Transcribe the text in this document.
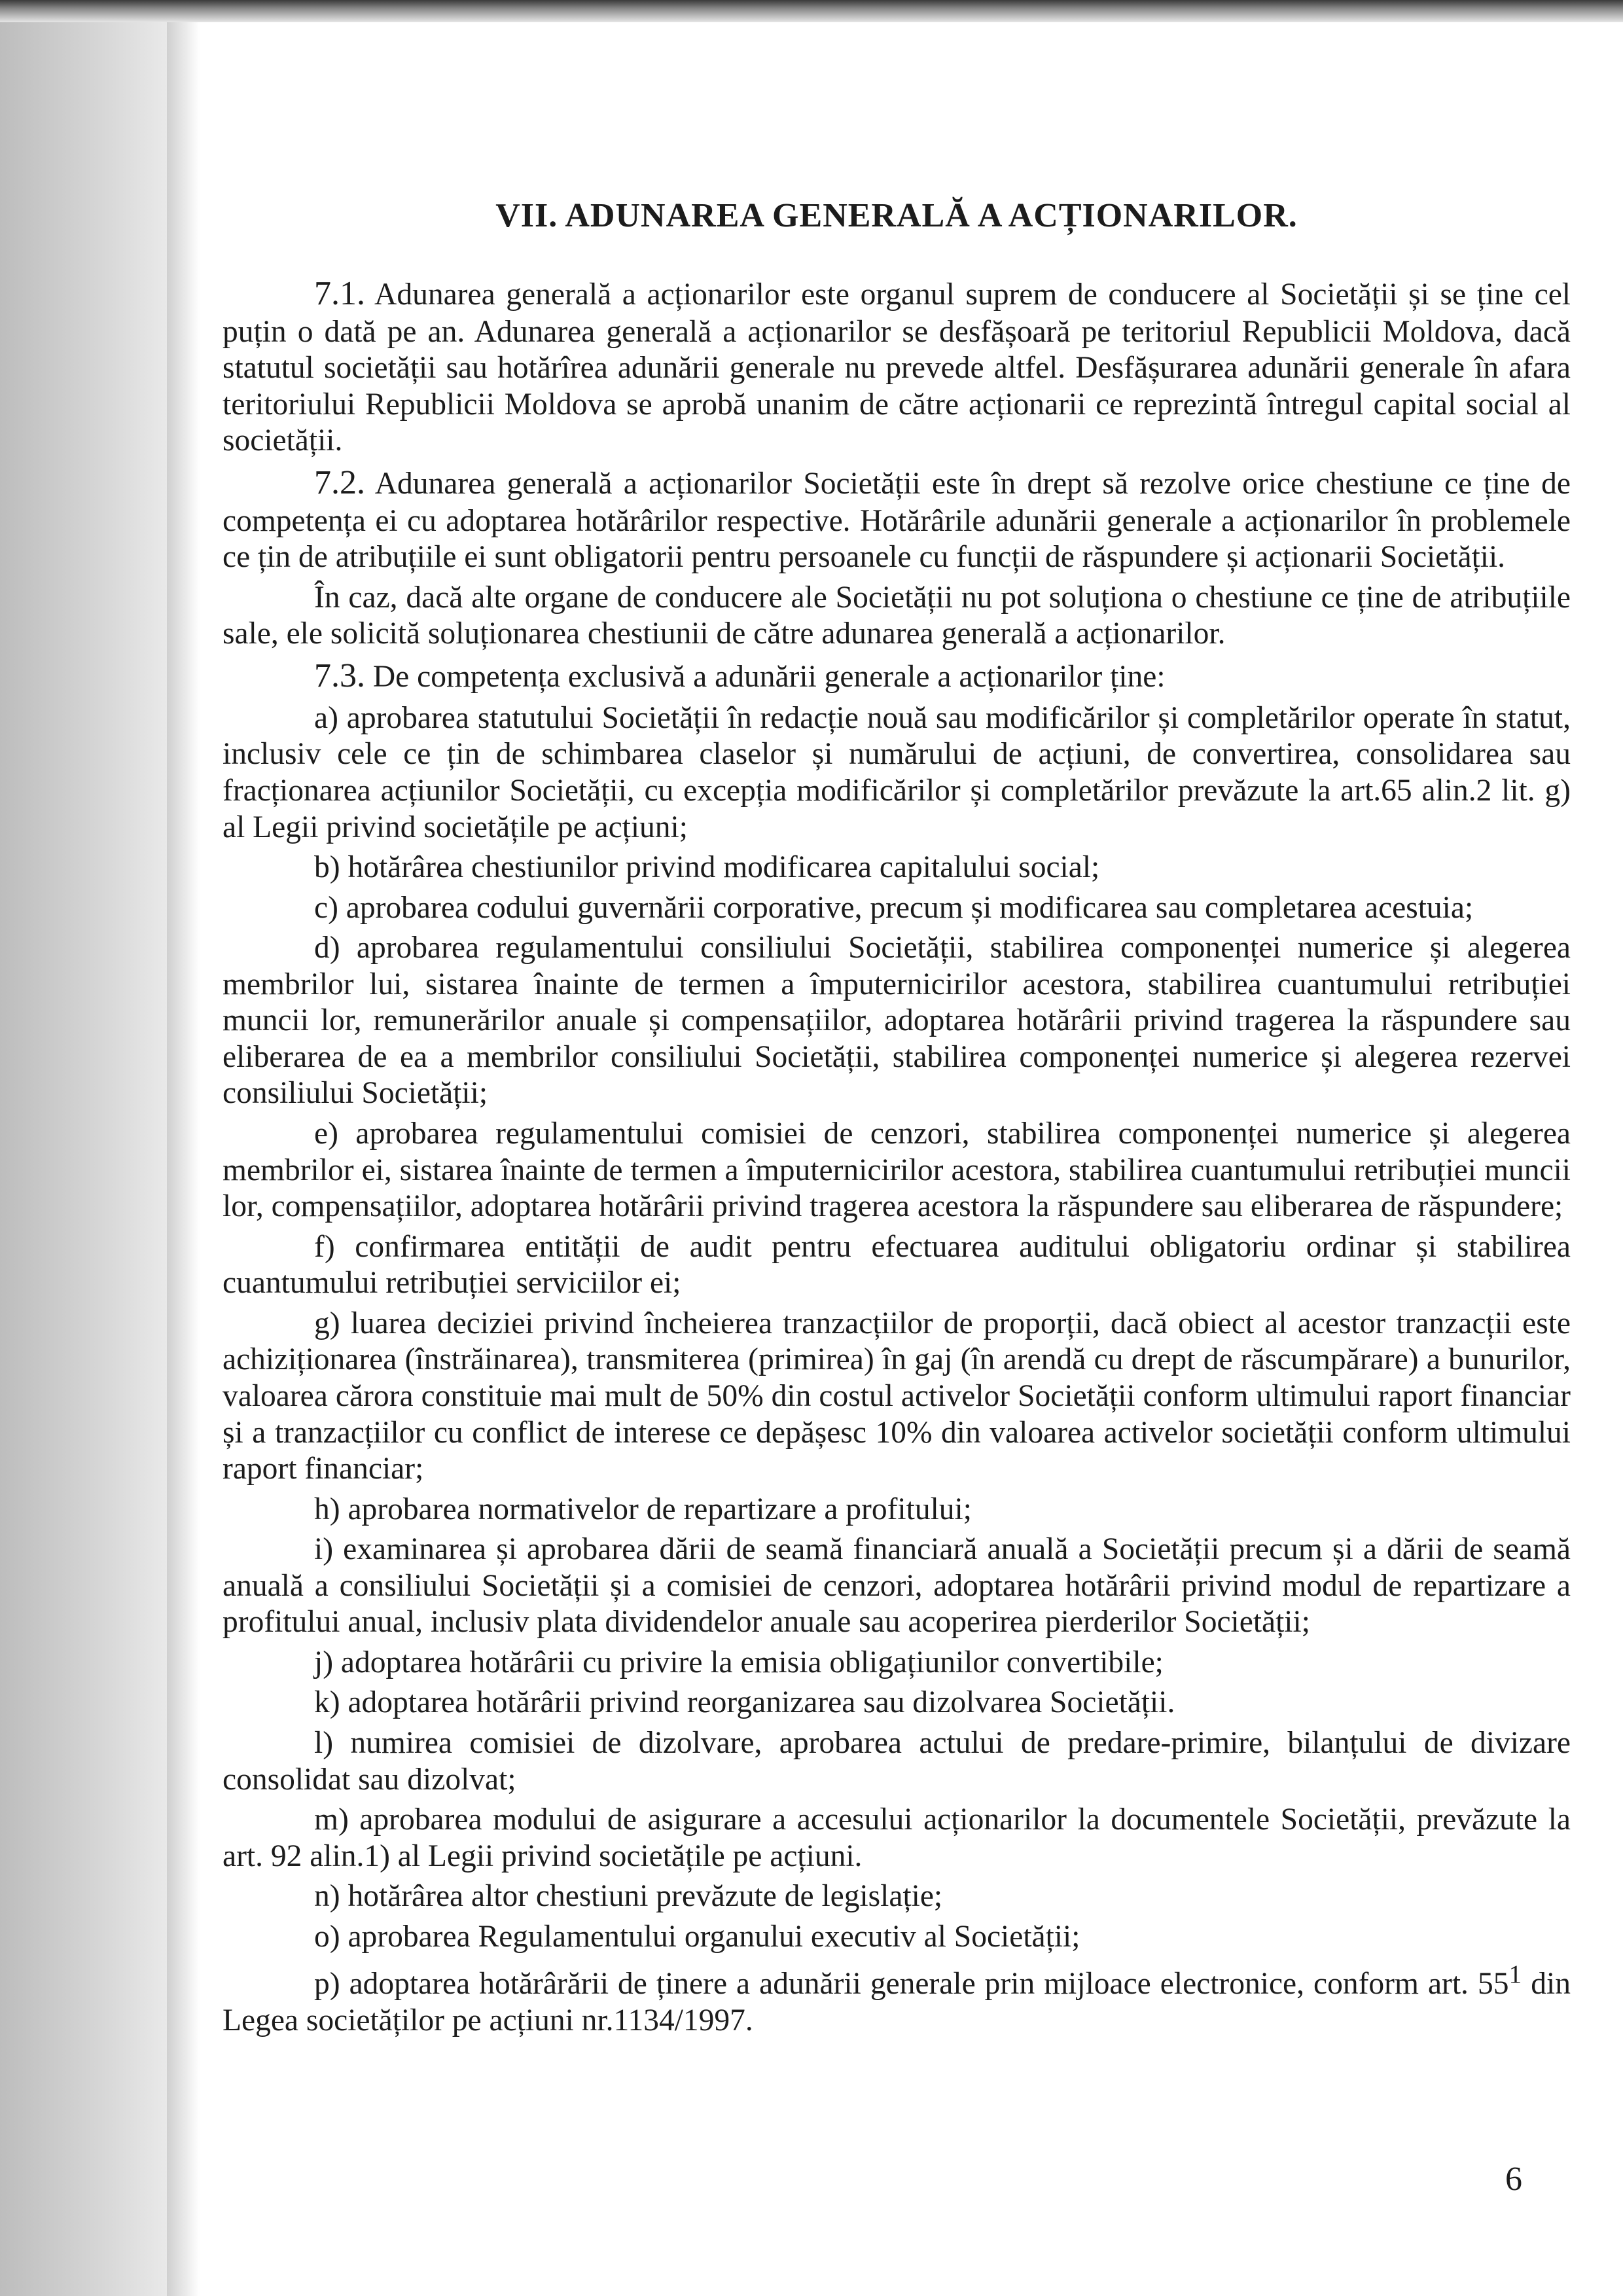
VII. ADUNAREA GENERALĂ A ACȚIONARILOR.

7.1. Adunarea generală a acționarilor este organul suprem de conducere al Societății și se ține cel puțin o dată pe an. Adunarea generală a acționarilor se desfășoară pe teritoriul Republicii Moldova, dacă statutul societății sau hotărîrea adunării generale nu prevede altfel. Desfășurarea adunării generale în afara teritoriului Republicii Moldova se aprobă unanim de către acționarii ce reprezintă întregul capital social al societății.

7.2. Adunarea generală a acționarilor Societății este în drept să rezolve orice chestiune ce ține de competența ei cu adoptarea hotărârilor respective. Hotărârile adunării generale a acționarilor în problemele ce țin de atribuțiile ei sunt obligatorii pentru persoanele cu funcții de răspundere și acționarii Societății.

În caz, dacă alte organe de conducere ale Societății nu pot soluționa o chestiune ce ține de atribuțiile sale, ele solicită soluționarea chestiunii de către adunarea generală a acționarilor.

7.3. De competența exclusivă a adunării generale a acționarilor ține:

a) aprobarea statutului Societății în redacție nouă sau modificărilor și completărilor operate în statut, inclusiv cele ce țin de schimbarea claselor și numărului de acțiuni, de convertirea, consolidarea sau fracționarea acțiunilor Societății, cu excepția modificărilor și completărilor prevăzute la art.65 alin.2 lit. g) al Legii privind societățile pe acțiuni;

b) hotărârea chestiunilor privind modificarea capitalului social;

c) aprobarea codului guvernării corporative, precum și modificarea sau completarea acestuia;

d) aprobarea regulamentului consiliului Societății, stabilirea componenței numerice și alegerea membrilor lui, sistarea înainte de termen a împuternicirilor acestora, stabilirea cuantumului retribuției muncii lor, remunerărilor anuale și compensațiilor, adoptarea hotărârii privind tragerea la răspundere sau eliberarea de ea a membrilor consiliului Societății, stabilirea componenței numerice și alegerea rezervei consiliului Societății;

e) aprobarea regulamentului comisiei de cenzori, stabilirea componenței numerice și alegerea membrilor ei, sistarea înainte de termen a împuternicirilor acestora, stabilirea cuantumului retribuției muncii lor, compensațiilor, adoptarea hotărârii privind tragerea acestora la răspundere sau eliberarea de răspundere;

f) confirmarea entității de audit pentru efectuarea auditului obligatoriu ordinar și stabilirea cuantumului retribuției serviciilor ei;

g) luarea deciziei privind încheierea tranzacțiilor de proporții, dacă obiect al acestor tranzacții este achiziționarea (înstrăinarea), transmiterea (primirea) în gaj (în arendă cu drept de răscumpărare) a bunurilor, valoarea cărora constituie mai mult de 50% din costul activelor Societății conform ultimului raport financiar și a tranzacțiilor cu conflict de interese ce depășesc 10% din valoarea activelor societății conform ultimului raport financiar;

h) aprobarea normativelor de repartizare a profitului;

i) examinarea și aprobarea dării de seamă financiară anuală a Societății precum și a dării de seamă anuală a consiliului Societății și a comisiei de cenzori, adoptarea hotărârii privind modul de repartizare a profitului anual, inclusiv plata dividendelor anuale sau acoperirea pierderilor Societății;

j) adoptarea hotărârii cu privire la emisia obligațiunilor convertibile;

k) adoptarea hotărârii privind reorganizarea sau dizolvarea Societății.

l) numirea comisiei de dizolvare, aprobarea actului de predare-primire, bilanțului de divizare consolidat sau dizolvat;

m) aprobarea modului de asigurare a accesului acționarilor la documentele Societății, prevăzute la art. 92 alin.1) al Legii privind societățile pe acțiuni.

n) hotărârea altor chestiuni prevăzute de legislație;

o) aprobarea Regulamentului organului executiv al Societății;

p) adoptarea hotărârării de ținere a adunării generale prin mijloace electronice, conform art. $55^1$ din Legea societăților pe acțiuni nr.1134/1997.

6
